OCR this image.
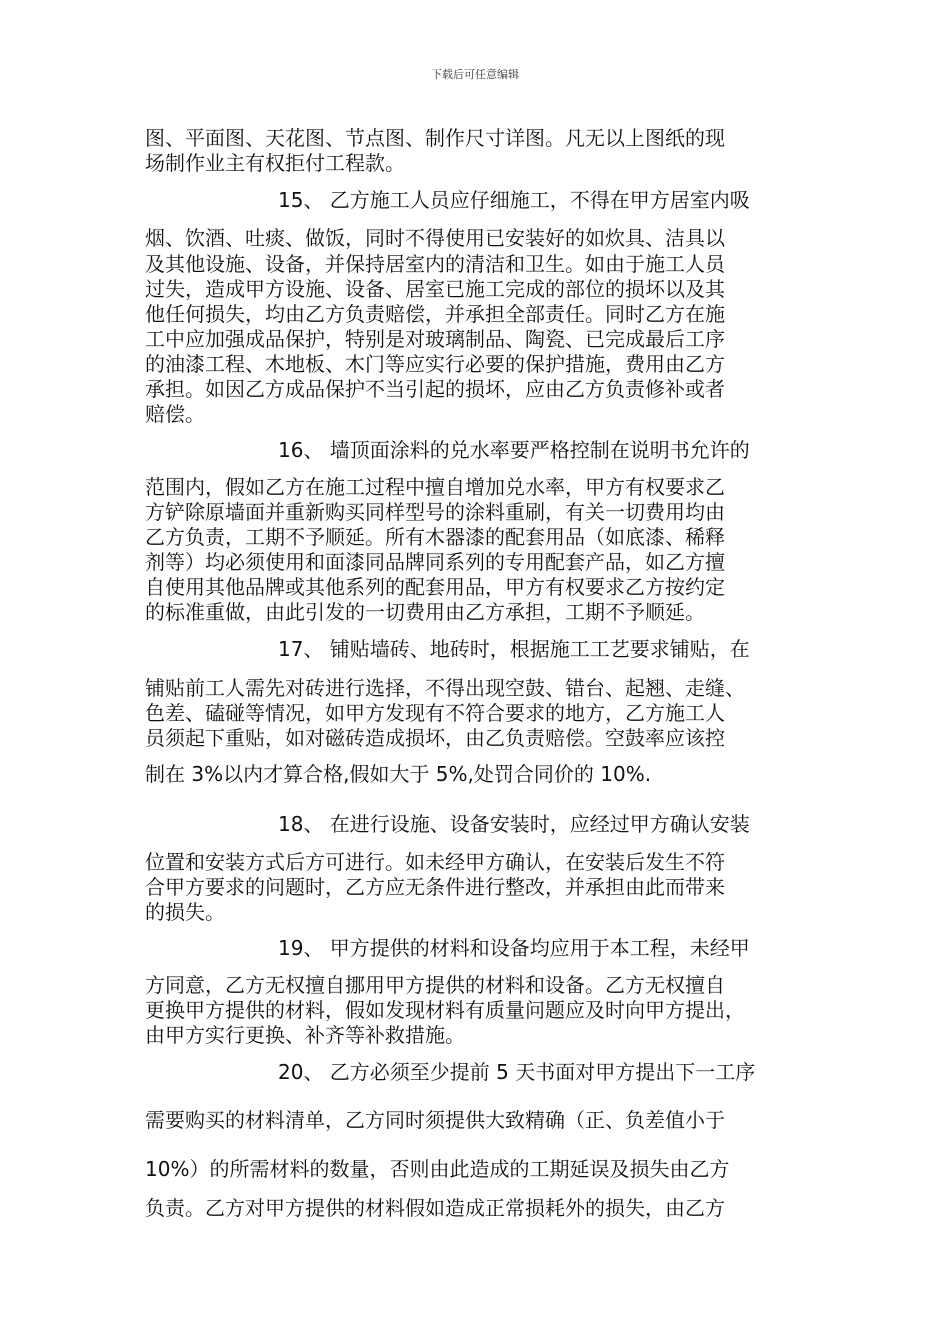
下载后可任意编辑
图、平面图、天花图、节点图、制作尺寸详图。凡无以上图纸的现
场制作业主有权拒付工程款。
15、 乙方施工人员应仔细施工，不得在甲方居室内吸
烟、饮酒、吐痰、做饭，同时不得使用已安装好的如炊具、洁具以
及其他设施、设备，并保持居室内的清洁和卫生。如由于施工人员
过失，造成甲方设施、设备、居室已施工完成的部位的损坏以及其
他任何损失，均由乙方负责赔偿，并承担全部责任。同时乙方在施
工中应加强成品保护，特别是对玻璃制品、陶瓷、已完成最后工序
的油漆工程、木地板、木门等应实行必要的保护措施，费用由乙方
承担。如因乙方成品保护不当引起的损坏，应由乙方负责修补或者
赔偿。
16、 墙顶面涂料的兑水率要严格控制在说明书允许的
范围内，假如乙方在施工过程中擅自增加兑水率，甲方有权要求乙
方铲除原墙面并重新购买同样型号的涂料重刷，有关一切费用均由
乙方负责，工期不予顺延。所有木器漆的配套用品（如底漆、稀释
剂等）均必须使用和面漆同品牌同系列的专用配套产品，如乙方擅
自使用其他品牌或其他系列的配套用品，甲方有权要求乙方按约定
的标准重做，由此引发的一切费用由乙方承担，工期不予顺延。
17、 铺贴墙砖、地砖时，根据施工工艺要求铺贴，在
铺贴前工人需先对砖进行选择，不得出现空鼓、错台、起翘、走缝、
色差、磕碰等情况，如甲方发现有不符合要求的地方，乙方施工人
员须起下重贴，如对磁砖造成损坏，由乙负责赔偿。空鼓率应该控
制在 3%以内才算合格,假如大于 5%,处罚合同价的 10%.
18、 在进行设施、设备安装时，应经过甲方确认安装
位置和安装方式后方可进行。如未经甲方确认，在安装后发生不符
合甲方要求的问题时，乙方应无条件进行整改，并承担由此而带来
的损失。
19、 甲方提供的材料和设备均应用于本工程，未经甲
方同意，乙方无权擅自挪用甲方提供的材料和设备。乙方无权擅自
更换甲方提供的材料，假如发现材料有质量问题应及时向甲方提出，
由甲方实行更换、补齐等补救措施。
20、 乙方必须至少提前 5 天书面对甲方提出下一工序
需要购买的材料清单，乙方同时须提供大致精确（正、负差值小于
10%）的所需材料的数量，否则由此造成的工期延误及损失由乙方
负责。乙方对甲方提供的材料假如造成正常损耗外的损失，由乙方
